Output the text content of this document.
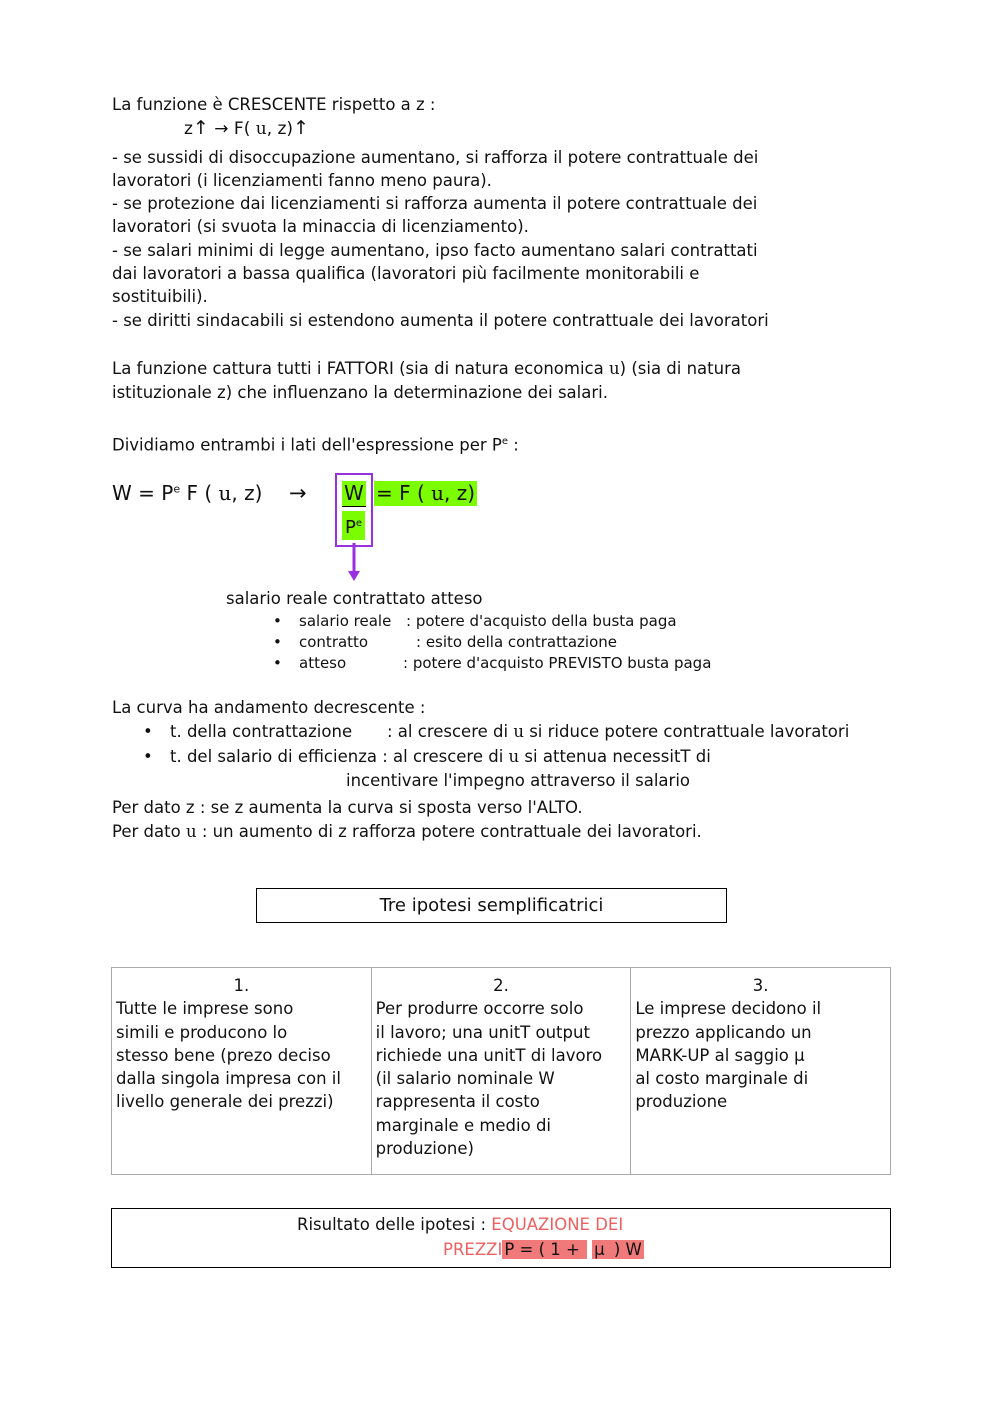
La funzione è CRESCENTE rispetto a z :
z↑ → F( u, z)↑
- se sussidi di disoccupazione aumentano, si rafforza il potere contrattuale dei
lavoratori (i licenziamenti fanno meno paura).
- se protezione dai licenziamenti si rafforza aumenta il potere contrattuale dei
lavoratori (si svuota la minaccia di licenziamento).
- se salari minimi di legge aumentano, ipso facto aumentano salari contrattati
dai lavoratori a bassa qualifica (lavoratori più facilmente monitorabili e
sostituibili).
- se diritti sindacabili si estendono aumenta il potere contrattuale dei lavoratori
La funzione cattura tutti i FATTORI (sia di natura economica u) (sia di natura
istituzionale z) che influenzano la determinazione dei salari.
Dividiamo entrambi i lati dell'espressione per $P^e$ :
$W = P^e$ F ( u, z) → W = F ( u, z)
$P^e$
salario reale contrattato atteso
• salario reale : potere d'acquisto della busta paga
• contratto	: esito della contrattazione
• atteso	: potere d'acquisto PREVISTO busta paga
La curva ha andamento decrescente :
• t. della contrattazione : al crescere di u si riduce potere contrattuale lavoratori
• t. del salario di efficienza : al crescere di u si attenua necessitT di
incentivare l'impegno attraverso il salario
Per dato z : se z aumenta la curva si sposta verso l'ALTO.
Per dato u : un aumento di z rafforza potere contrattuale dei lavoratori.
Tre ipotesi semplificatrici
1.
Tutte le imprese sono
simili e producono lo
stesso bene (prezo deciso
dalla singola impresa con il
livello generale dei prezzi)

2.
Per produrre occorre solo
il lavoro; una unitT output
richiede una unitT di lavoro
(il salario nominale W
rappresenta il costo
marginale e medio di
produzione)

3.
Le imprese decidono il
prezzo applicando un
MARK-UP al saggio μ
al costo marginale di
produzione
Risultato delle ipotesi : EQUAZIONE DEI
PREZZI P = ( 1 + μ ) W
